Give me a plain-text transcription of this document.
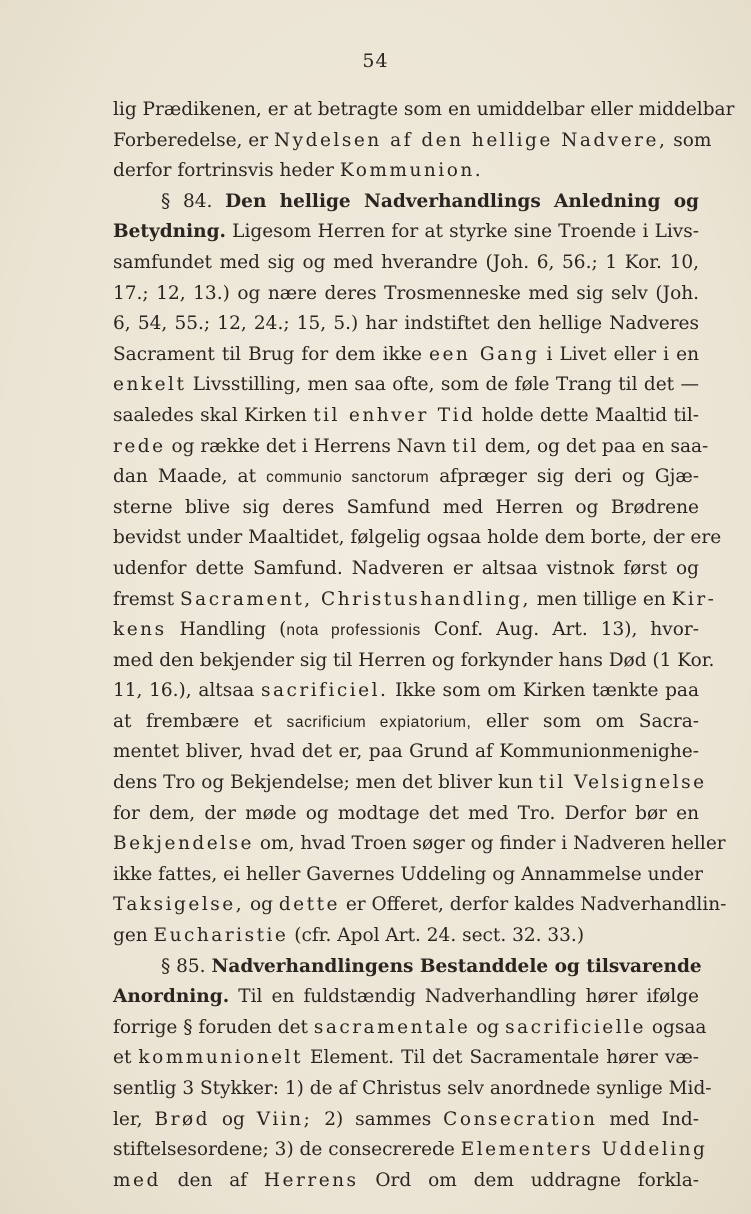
54
lig Prædikenen, er at betragte som en umiddelbar eller middelbar
Forberedelse, er Nydelsen af den hellige Nadvere, som
derfor fortrinsvis heder Kommunion.
§ 84. Den hellige Nadverhandlings Anledning og
Betydning. Ligesom Herren for at styrke sine Troende i Livs-
samfundet med sig og med hverandre (Joh. 6, 56.; 1 Kor. 10,
17.; 12, 13.) og nære deres Trosmenneske med sig selv (Joh.
6, 54, 55.; 12, 24.; 15, 5.) har indstiftet den hellige Nadveres
Sacrament til Brug for dem ikke een Gang i Livet eller i en
enkelt Livsstilling, men saa ofte, som de føle Trang til det —
saaledes skal Kirken til enhver Tid holde dette Maaltid til-
rede og række det i Herrens Navn til dem, og det paa en saa-
dan Maade, at communio sanctorum afpræger sig deri og Gjæ-
sterne blive sig deres Samfund med Herren og Brødrene
bevidst under Maaltidet, følgelig ogsaa holde dem borte, der ere
udenfor dette Samfund. Nadveren er altsaa vistnok først og
fremst Sacrament, Christushandling, men tillige en Kir-
kens Handling (nota professionis Conf. Aug. Art. 13), hvor-
med den bekjender sig til Herren og forkynder hans Død (1 Kor.
11, 16.), altsaa sacrificiel. Ikke som om Kirken tænkte paa
at frembære et sacrificium expiatorium, eller som om Sacra-
mentet bliver, hvad det er, paa Grund af Kommunionmenighe-
dens Tro og Bekjendelse; men det bliver kun til Velsignelse
for dem, der møde og modtage det med Tro. Derfor bør en
Bekjendelse om, hvad Troen søger og finder i Nadveren heller
ikke fattes, ei heller Gavernes Uddeling og Annammelse under
Taksigelse, og dette er Offeret, derfor kaldes Nadverhandlin-
gen Eucharistie (cfr. Apol Art. 24. sect. 32. 33.)
§ 85. Nadverhandlingens Bestanddele og tilsvarende
Anordning. Til en fuldstændig Nadverhandling hører ifølge
forrige § foruden det sacramentale og sacrificielle ogsaa
et kommunionelt Element. Til det Sacramentale hører væ-
sentlig 3 Stykker: 1) de af Christus selv anordnede synlige Mid-
ler, Brød og Viin; 2) sammes Consecration med Ind-
stiftelsesordene; 3) de consecrerede Elementers Uddeling
med den af Herrens Ord om dem uddragne forkla-
